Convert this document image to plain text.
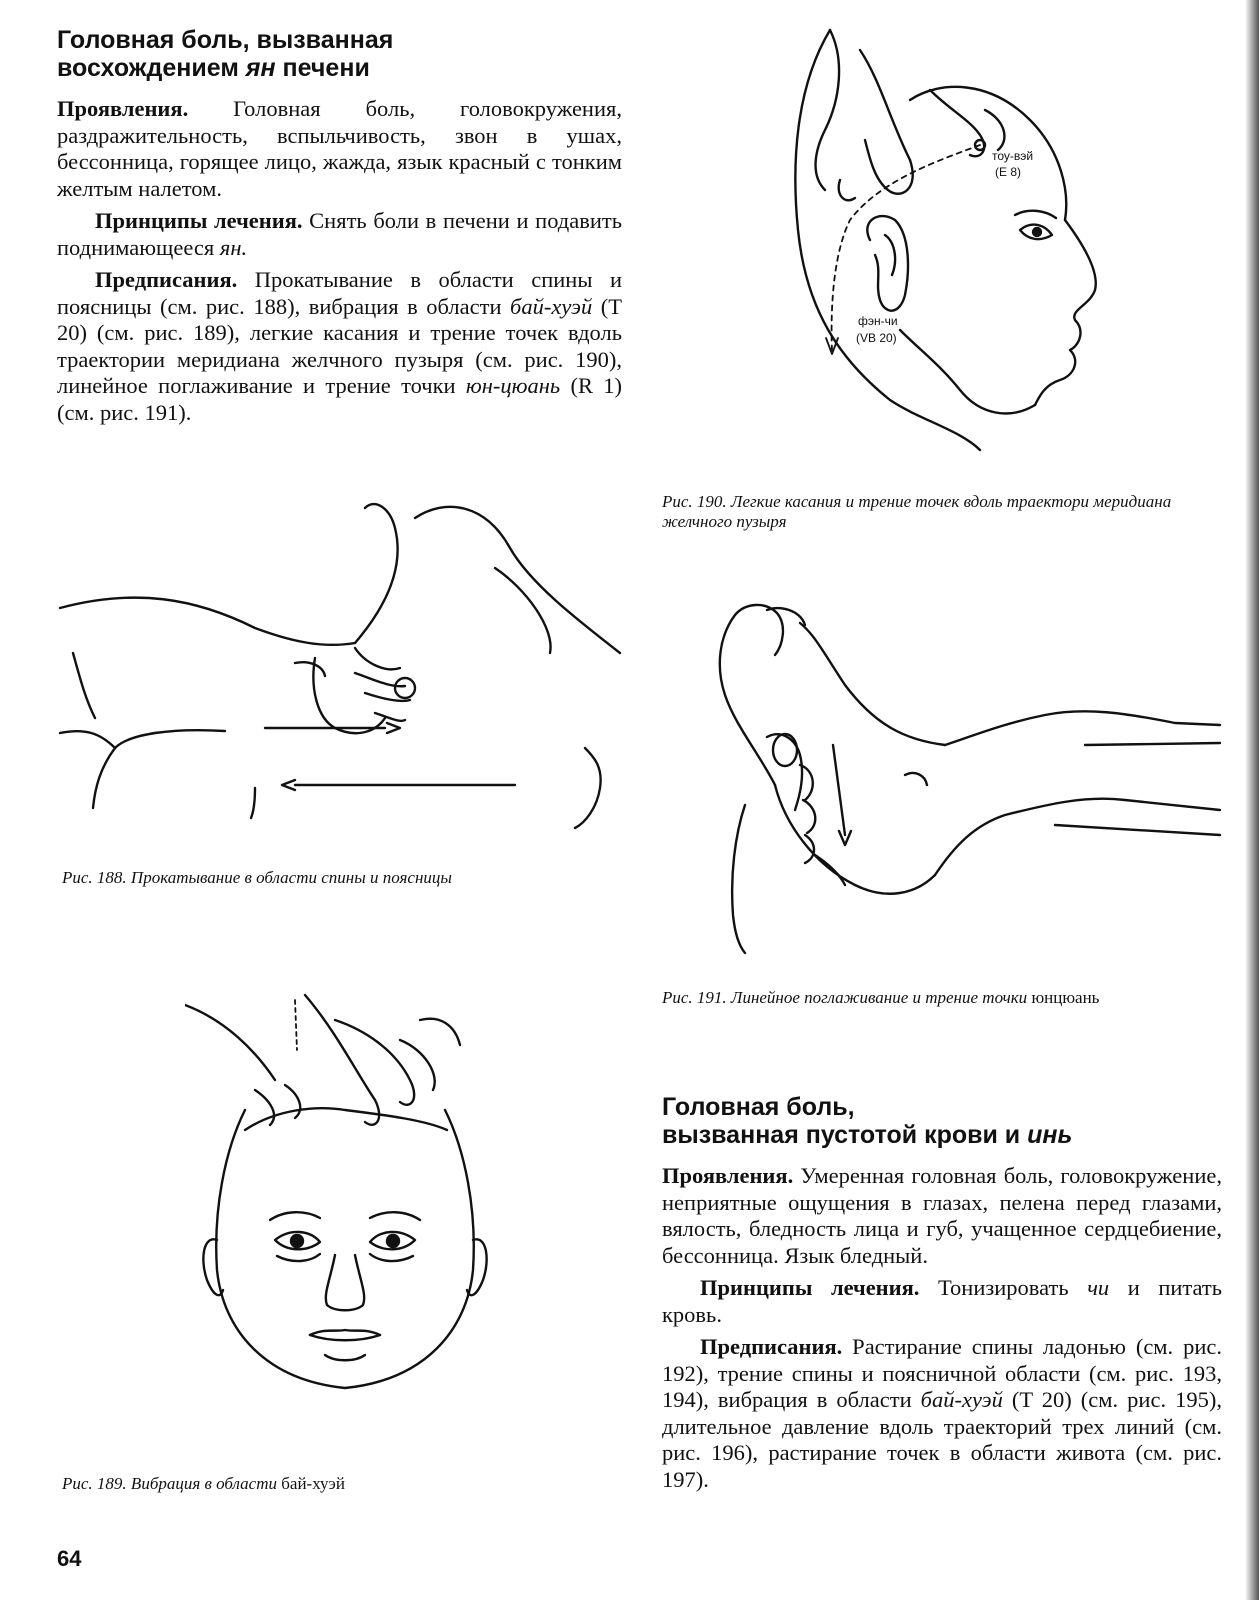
Головная боль, вызванная
восхождением ян печени

Проявления. Головная боль, головокружения, раздражительность, вспыльчивость, звон в ушах, бессонница, горящее лицо, жажда, язык красный с тонким желтым налетом.

Принципы лечения. Снять боли в печени и подавить поднимающееся ян.

Предписания. Прокатывание в области спины и поясницы (см. рис. 188), вибрация в области бай-хуэй (T 20) (см. рис. 189), легкие касания и трение точек вдоль траектории меридиана желчного пузыря (см. рис. 190), линейное поглаживание и трение точки юн-цюань (R 1) (см. рис. 191).

тоу-вэй
(E 8)
фэн-чи
(VB 20)
Рис. 190. Легкие касания и трение точек вдоль траектори меридиана желчного пузыря
Рис. 188. Прокатывание в области спины и поясницы
Рис. 191. Линейное поглаживание и трение точки юнцюань
Рис. 189. Вибрация в области бай-хуэй
Головная боль,
вызванная пустотой крови и инь

Проявления. Умеренная головная боль, головокружение, неприятные ощущения в глазах, пелена перед глазами, вялость, бледность лица и губ, учащенное сердцебиение, бессонница. Язык бледный.

Принципы лечения. Тонизировать чи и питать кровь.

Предписания. Растирание спины ладонью (см. рис. 192), трение спины и поясничной области (см. рис. 193, 194), вибрация в области бай-хуэй (T 20) (см. рис. 195), длительное давление вдоль траекторий трех линий (см. рис. 196), растирание точек в области живота (см. рис. 197).

64
